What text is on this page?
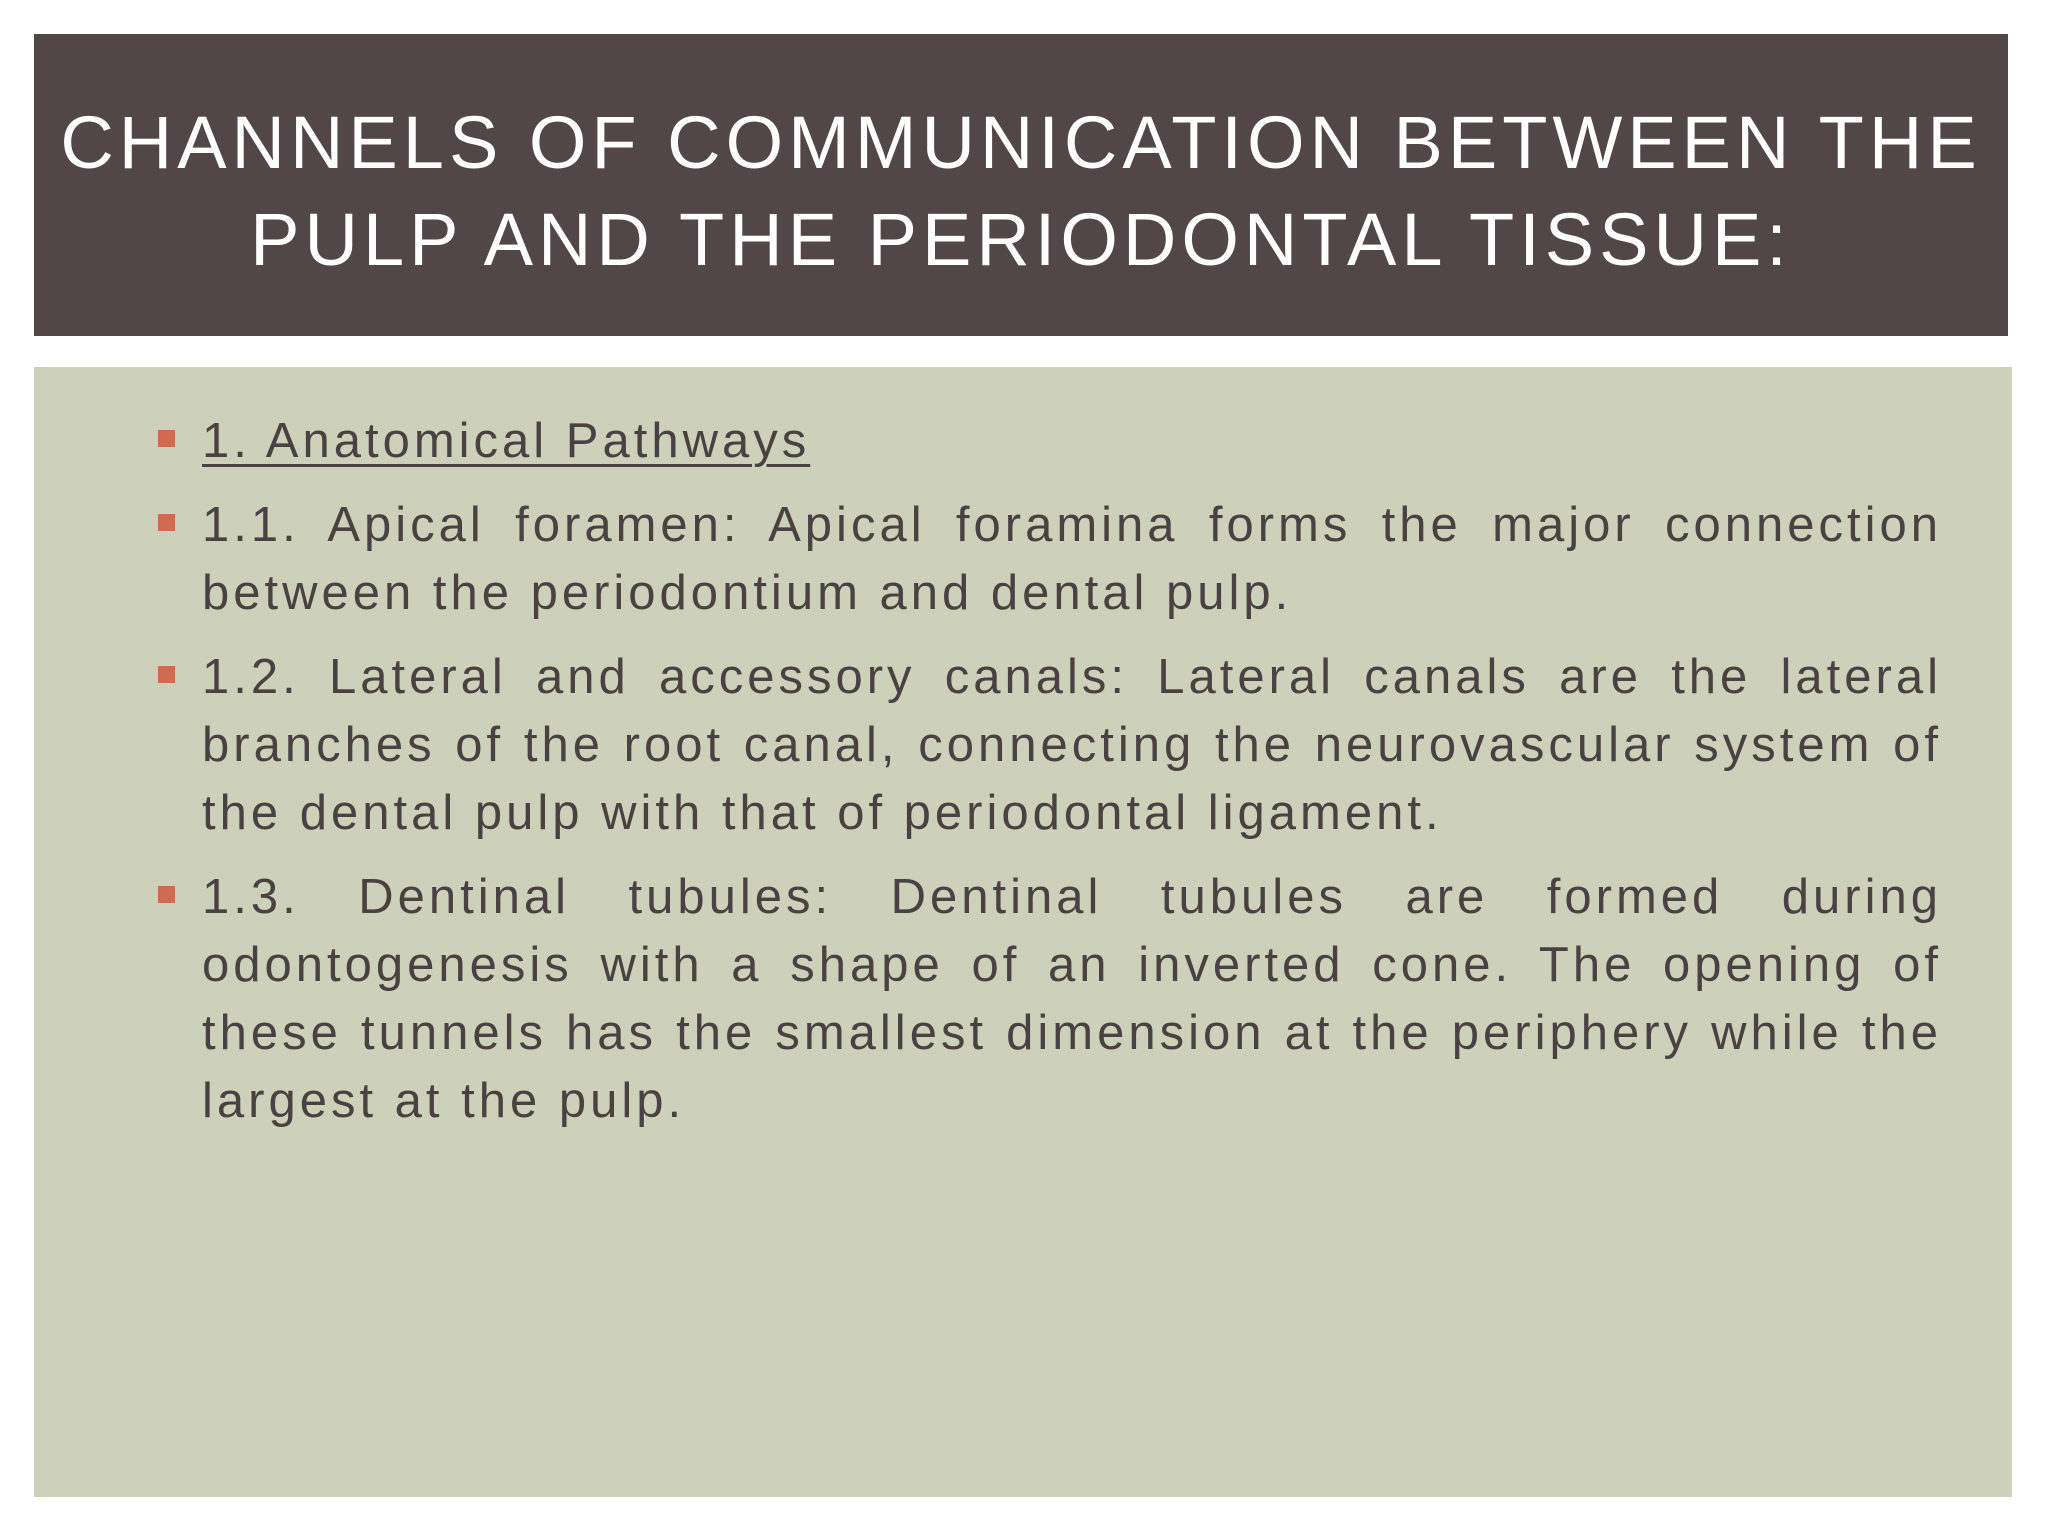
CHANNELS OF COMMUNICATION BETWEEN THE
PULP AND THE PERIODONTAL TISSUE:
1. Anatomical Pathways
1.1. Apical foramen: Apical foramina forms the major connection between the periodontium and dental pulp.
1.2. Lateral and accessory canals: Lateral canals are the lateral branches of the root canal, connecting the neurovascular system of the dental pulp with that of periodontal ligament.
1.3. Dentinal tubules: Dentinal tubules are formed during odontogenesis with a shape of an inverted cone. The opening of these tunnels has the smallest dimension at the periphery while the largest at the pulp.
